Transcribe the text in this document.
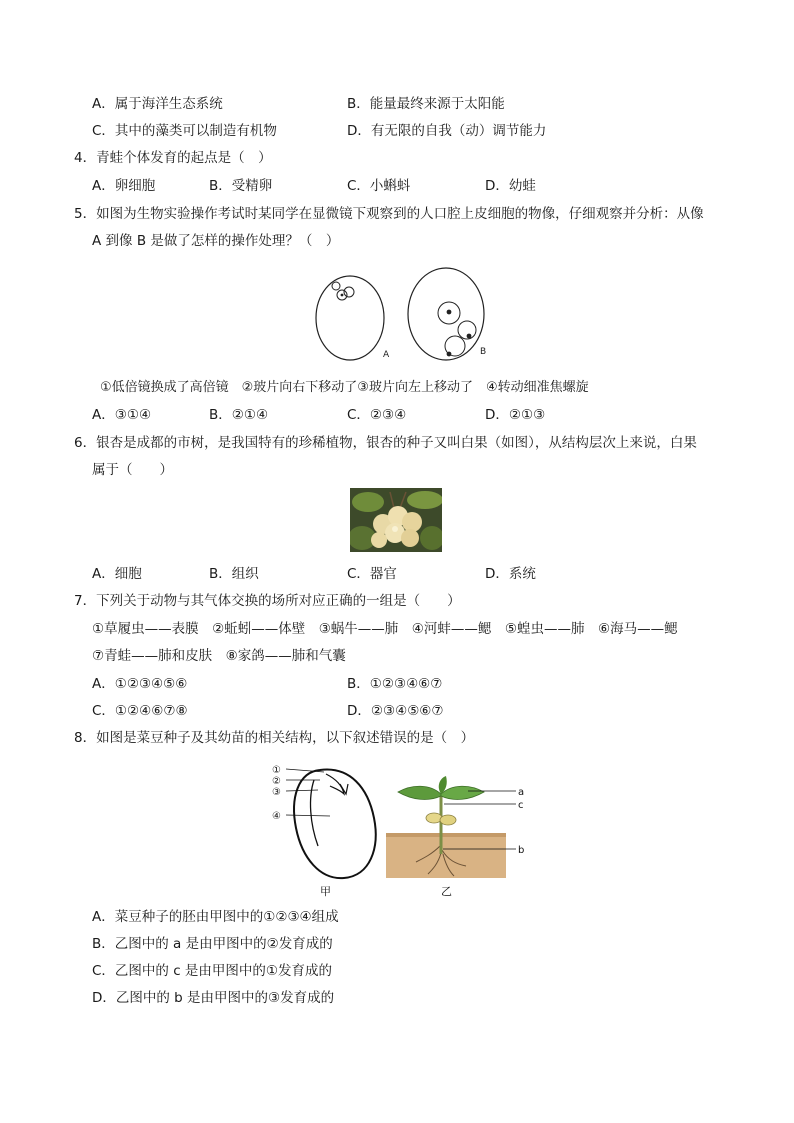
A．属于海洋生态系统	B．能量最终来源于太阳能
C．其中的藻类可以制造有机物	D．有无限的自我（动）调节能力
4．青蛙个体发育的起点是（　）
A．卵细胞	B．受精卵	C．小蝌蚪	D．幼蛙
5．如图为生物实验操作考试时某同学在显微镜下观察到的人口腔上皮细胞的物像，仔细观察并分析：从像
A 到像 B 是做了怎样的操作处理？（　）
A	B
①低倍镜换成了高倍镜　②玻片向右下移动了③玻片向左上移动了　④转动细准焦螺旋
A．③①④	B．②①④	C．②③④	D．②①③
6．银杏是成都的市树，是我国特有的珍稀植物，银杏的种子又叫白果（如图），从结构层次上来说，白果
属于（　　）
A．细胞	B．组织	C．器官	D．系统
7．下列关于动物与其气体交换的场所对应正确的一组是（　　）
①草履虫——表膜　②蚯蚓——体壁　③蜗牛——肺　④河蚌——鳃　⑤蝗虫——肺　⑥海马——鳃
⑦青蛙——肺和皮肤　⑧家鸽——肺和气囊
A．①②③④⑤⑥	B．①②③④⑥⑦
C．①②④⑥⑦⑧	D．②③④⑤⑥⑦
8．如图是菜豆种子及其幼苗的相关结构，以下叙述错误的是（　）
①
②
③
④
甲
a
c
b
乙
A．菜豆种子的胚由甲图中的①②③④组成
B．乙图中的 a 是由甲图中的②发育成的
C．乙图中的 c 是由甲图中的①发育成的
D．乙图中的 b 是由甲图中的③发育成的
